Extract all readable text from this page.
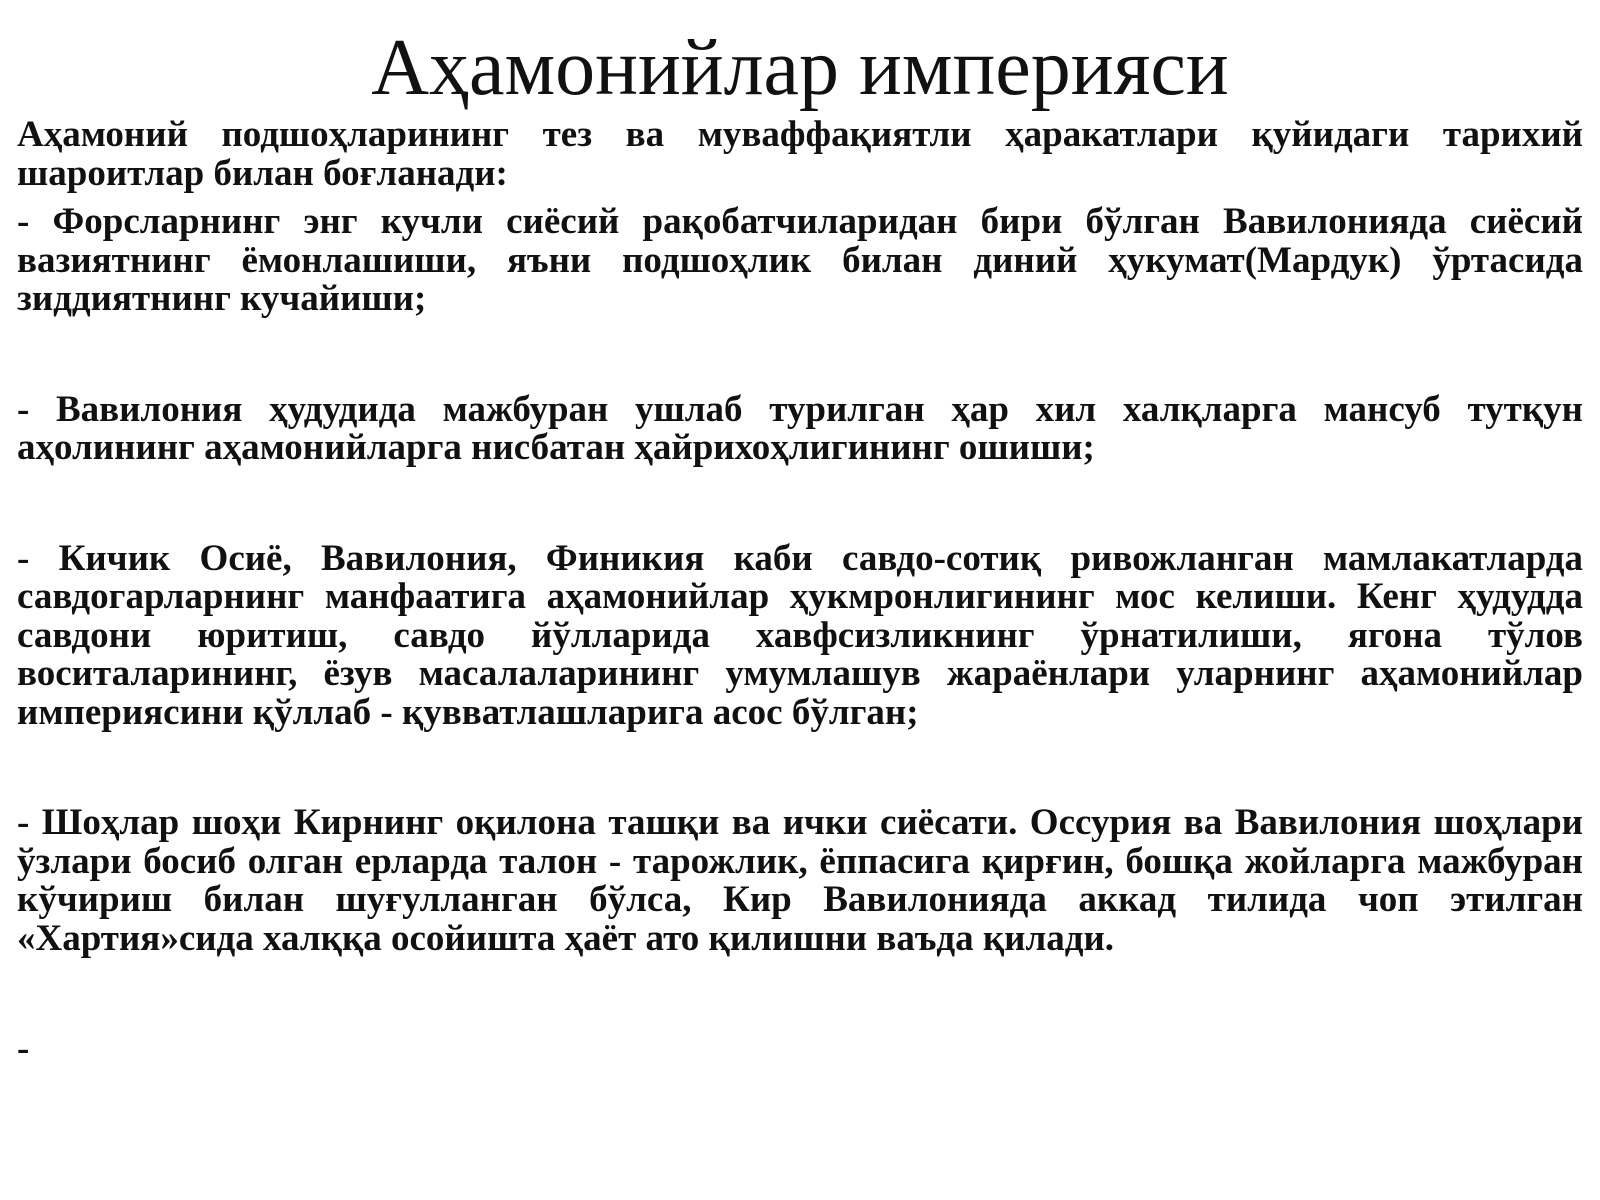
Аҳамонийлар империяси

Аҳамоний подшоҳларининг тез ва муваффақиятли ҳаракатлари қуйидаги тарихий шароитлар билан боғланади:

- Форсларнинг энг кучли сиёсий рақобатчиларидан бири бўлган Вавилонияда сиёсий вазиятнинг ёмонлашиши, яъни подшоҳлик билан диний ҳукумат(Мардук) ўртасида зиддиятнинг кучайиши;

- Вавилония ҳудудида мажбуран ушлаб турилган ҳар хил халқларга мансуб тутқун аҳолининг аҳамонийларга нисбатан ҳайрихоҳлигининг ошиши;

- Кичик Осиё, Вавилония, Финикия каби савдо-сотиқ ривожланган мамлакатларда савдогарларнинг манфаатига аҳамонийлар ҳукмронлигининг мос келиши. Кенг ҳудудда савдони юритиш, савдо йўлларида хавфсизликнинг ўрнатилиши, ягона тўлов воситаларининг, ёзув масалаларининг умумлашув жараёнлари уларнинг аҳамонийлар империясини қўллаб - қувватлашларига асос бўлган;

- Шоҳлар шоҳи Кирнинг оқилона ташқи ва ички сиёсати. Оссурия ва Вавилония шоҳлари ўзлари босиб олган ерларда талон - тарожлик, ёппасига қирғин, бошқа жойларга мажбуран кўчириш билан шуғулланган бўлса, Кир Вавилонияда аккад тилида чоп этилган «Хартия»сида халққа осойишта ҳаёт ато қилишни ваъда қилади.

-
